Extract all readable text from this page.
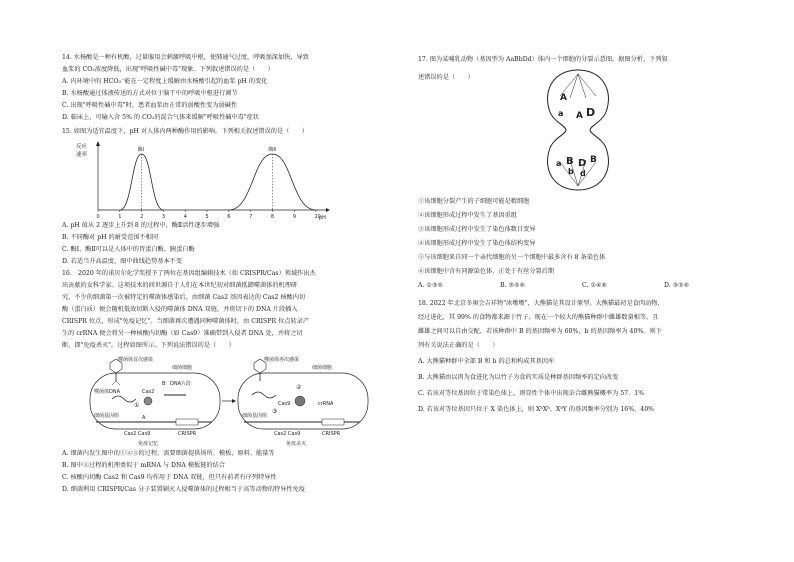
14. 水杨酸是一种有机酸，过量服用会刺激呼吸中枢，使肺通气过度，呼吸加深加快，导致
血浆的 CO₂浓度降低，出现"呼吸性碱中毒"现象。下列叙述错误的是（　　）
A. 内环境中的 HCO₃⁻能在一定程度上缓解由水杨酸引起的血浆 pH 的变化
B. 水杨酸通过体液传送的方式对位于脑干中的呼吸中枢进行调节
C. 出现"呼吸性碱中毒"时，患者血浆由正常的弱酸性变为弱碱性
D. 临床上，可输入含 5% 的 CO₂的混合气体来缓解"呼吸性碱中毒"症状
15. 如图为适宜温度下，pH 对人体内两种酶作用的影响。下列相关叙述错误的是（　　）
反应
速率
0	1	2	3	4	5	6	7	8	9	10
酶Ⅰ	酶Ⅱ
pH
A. pH 值从 2 逐步上升到 8 的过程中，酶Ⅱ活性逐步增强
B. 不同酶对 pH 的耐受范围不相同
C. 酶Ⅰ、酶Ⅱ可以是人体中的胃蛋白酶、胰蛋白酶
D. 若适当升高温度，图中曲线趋势基本不变
16.　2020 年的诺贝尔化学奖授予了两位在基因组编辑技术（如 CRISPR/Cas）领域作出杰
出贡献的女科学家。这项技术的问世源自于人们在本世纪初对细菌抵御噬菌体的机理研
究，不少的细菌第一次被特定的噬菌体感染后，由细菌 Cas2 基因表达的 Cas2 核酸内切
酶（蛋白质）便会随机低效切断入侵的噬菌体 DNA 双链，并将切下的 DNA 片段插入
CRISPR 位点，形成"免疫记忆"。当细菌再次遭遇同种噬菌体时，由 CRISPR 位点转录产
生的 crRNA 便会将另一种核酸内切酶（如 Cas9）准确带到入侵者 DNA 处，并将之切
断，即"免疫杀灭"。过程如图所示。下列说法错误的是（　　）
噬菌体首次感染
细菌细胞
噬菌体DNA	Cas2
①
B DNA片段
A
细菌基因组
CRISPR
Cas2 Cas9
免疫记忆
噬菌体再次感染
细菌细胞
②
③
Cas9	crRNA
细菌基因组
CRISPR
Cas2 Cas9
免疫杀灭
A. 细菌内发生图中的①②③的过程，需要细菌提供场所、模板、原料、能量等
B. 图中②过程的机理类似于 mRNA 与 DNA 模板链的结合
C. 核酸内切酶 Cas2 和 Cas9 均作用于 DNA 双链，但只有前者有序列特异性
D. 细菌利用 CRISPR/Cas 分子装置剿灭入侵噬菌体的过程相当于高等动物的特异性免疫
17. 图为某哺乳动物（基因型为 AaBbDd）体内一个细胞的分裂示意图。据图分析，下列叙
述错误的是（　　）
A
D
a A
B D B
a
b d
①该细胞分裂产生的子细胞可能是精细胞
②该细胞形成过程中发生了基因重组
③该细胞形成过程中发生了染色体数目变异
④该细胞形成过程中发生了染色体结构变异
⑤与该细胞来自同一个亲代细胞的另一个细胞中最多含有 8 条染色体
⑥该细胞中含有同源染色体，正处于有丝分裂后期
A. ①③⑤	B. ③⑤⑥	C. ①④⑥	D. ③⑤⑥
18. 2022 年北京冬奥会吉祥物"冰墩墩"，大熊猫是其设计原型。大熊猫最初是食肉动物，
经过进化，其 99% 的食物都来源于竹子。现在一个较大的熊猫种群中雌雄数量相等，且
雌雄之间可以自由交配，若该种群中 B 的基因频率为 60%，b 的基因频率为 40%。则下
列有关说法正确的是（　　）
A. 大熊猫种群中全部 B 和 b 的总和构成其基因库
B. 大熊猫由以肉为食进化为以竹子为食的实质是种群基因频率的定向改变
C. 若该对等位基因位于常染色体上，则显性个体中出现杂合雌熊猫概率为 57．1%
D. 若该对等位基因只位于 X 染色体上，则 XᵇXᵇ、XᵇY 的基因频率分别为 16%、40%
